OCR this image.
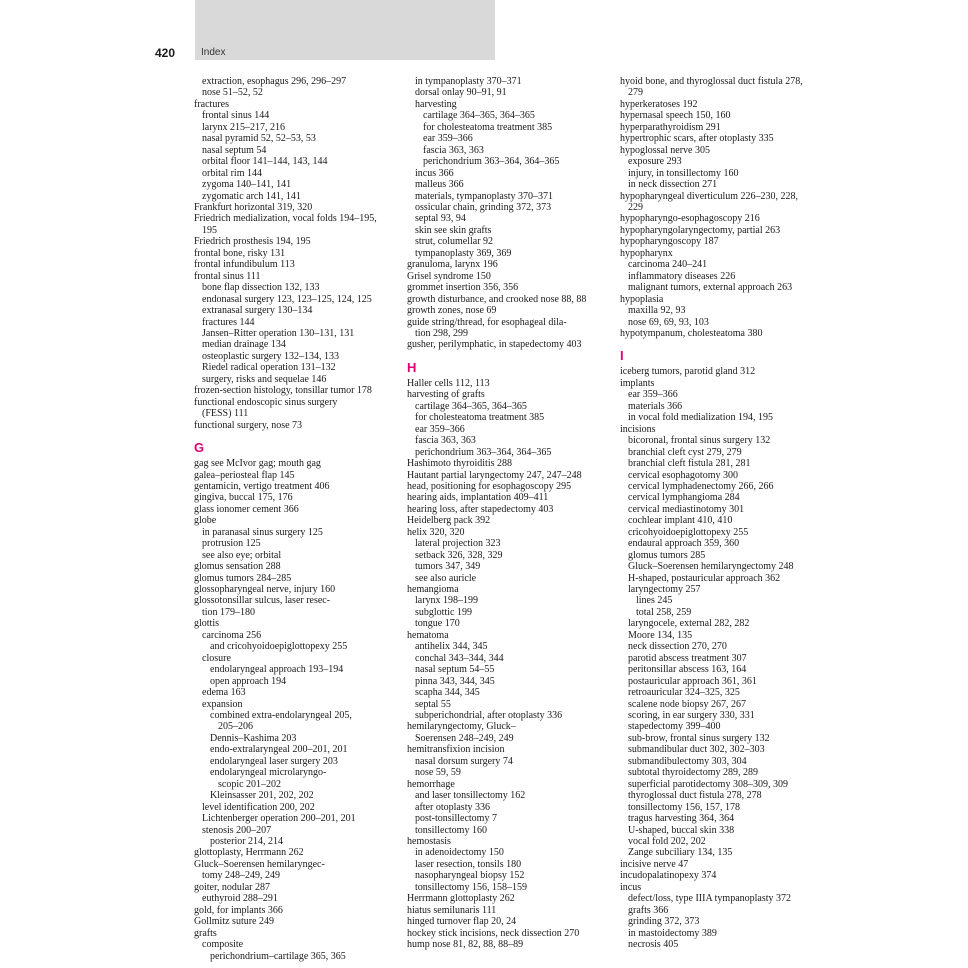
420	Index
extraction, esophagus 296, 296–297
nose 51–52, 52
fractures
frontal sinus 144
larynx 215–217, 216
nasal pyramid 52, 52–53, 53
nasal septum 54
orbital floor 141–144, 143, 144
orbital rim 144
zygoma 140–141, 141
zygomatic arch 141, 141
Frankfurt horizontal 319, 320
Friedrich medialization, vocal folds 194–195,
195
Friedrich prosthesis 194, 195
frontal bone, risky 131
frontal infundibulum 113
frontal sinus 111
bone flap dissection 132, 133
endonasal surgery 123, 123–125, 124, 125
extranasal surgery 130–134
fractures 144
Jansen–Ritter operation 130–131, 131
median drainage 134
osteoplastic surgery 132–134, 133
Riedel radical operation 131–132
surgery, risks and sequelae 146
frozen-section histology, tonsillar tumor 178
functional endoscopic sinus surgery
(FESS) 111
functional surgery, nose 73
G
gag see McIvor gag; mouth gag
galea–periosteal flap 145
gentamicin, vertigo treatment 406
gingiva, buccal 175, 176
glass ionomer cement 366
globe
in paranasal sinus surgery 125
protrusion 125
see also eye; orbital
glomus sensation 288
glomus tumors 284–285
glossopharyngeal nerve, injury 160
glossotonsillar sulcus, laser resec-
tion 179–180
glottis
carcinoma 256
and cricohyoidoepiglottopexy 255
closure
endolaryngeal approach 193–194
open approach 194
edema 163
expansion
combined extra-endolaryngeal 205,
205–206
Dennis–Kashima 203
endo-extralaryngeal 200–201, 201
endolaryngeal laser surgery 203
endolaryngeal microlaryngo-
scopic 201–202
Kleinsasser 201, 202, 202
level identification 200, 202
Lichtenberger operation 200–201, 201
stenosis 200–207
posterior 214, 214
glottoplasty, Herrmann 262
Gluck–Soerensen hemilaryngec-
tomy 248–249, 249
goiter, nodular 287
euthyroid 288–291
gold, for implants 366
Gollmitz suture 249
grafts
composite
perichondrium–cartilage 365, 365
in tympanoplasty 370–371
dorsal onlay 90–91, 91
harvesting
cartilage 364–365, 364–365
for cholesteatoma treatment 385
ear 359–366
fascia 363, 363
perichondrium 363–364, 364–365
incus 366
malleus 366
materials, tympanoplasty 370–371
ossicular chain, grinding 372, 373
septal 93, 94
skin see skin grafts
strut, columellar 92
tympanoplasty 369, 369
granuloma, larynx 196
Grisel syndrome 150
grommet insertion 356, 356
growth disturbance, and crooked nose 88, 88
growth zones, nose 69
guide string/thread, for esophageal dila-
tion 298, 299
gusher, perilymphatic, in stapedectomy 403
H
Haller cells 112, 113
harvesting of grafts
cartilage 364–365, 364–365
for cholesteatoma treatment 385
ear 359–366
fascia 363, 363
perichondrium 363–364, 364–365
Hashimoto thyroiditis 288
Hautant partial laryngectomy 247, 247–248
head, positioning for esophagoscopy 295
hearing aids, implantation 409–411
hearing loss, after stapedectomy 403
Heidelberg pack 392
helix 320, 320
lateral projection 323
setback 326, 328, 329
tumors 347, 349
see also auricle
hemangioma
larynx 198–199
subglottic 199
tongue 170
hematoma
antihelix 344, 345
conchal 343–344, 344
nasal septum 54–55
pinna 343, 344, 345
scapha 344, 345
septal 55
subperichondrial, after otoplasty 336
hemilaryngectomy, Gluck–
Soerensen 248–249, 249
hemitransfixion incision
nasal dorsum surgery 74
nose 59, 59
hemorrhage
and laser tonsillectomy 162
after otoplasty 336
post-tonsillectomy 7
tonsillectomy 160
hemostasis
in adenoidectomy 150
laser resection, tonsils 180
nasopharyngeal biopsy 152
tonsillectomy 156, 158–159
Herrmann glottoplasty 262
hiatus semilunaris 111
hinged turnover flap 20, 24
hockey stick incisions, neck dissection 270
hump nose 81, 82, 88, 88–89
hyoid bone, and thyroglossal duct fistula 278,
279
hyperkeratoses 192
hypernasal speech 150, 160
hyperparathyroidism 291
hypertrophic scars, after otoplasty 335
hypoglossal nerve 305
exposure 293
injury, in tonsillectomy 160
in neck dissection 271
hypopharyngeal diverticulum 226–230, 228,
229
hypopharyngo-esophagoscopy 216
hypopharyngolaryngectomy, partial 263
hypopharyngoscopy 187
hypopharynx
carcinoma 240–241
inflammatory diseases 226
malignant tumors, external approach 263
hypoplasia
maxilla 92, 93
nose 69, 69, 93, 103
hypotympanum, cholesteatoma 380
I
iceberg tumors, parotid gland 312
implants
ear 359–366
materials 366
in vocal fold medialization 194, 195
incisions
bicoronal, frontal sinus surgery 132
branchial cleft cyst 279, 279
branchial cleft fistula 281, 281
cervical esophagotomy 300
cervical lymphadenectomy 266, 266
cervical lymphangioma 284
cervical mediastinotomy 301
cochlear implant 410, 410
cricohyoidoepiglottopexy 255
endaural approach 359, 360
glomus tumors 285
Gluck–Soerensen hemilaryngectomy 248
H-shaped, postauricular approach 362
laryngectomy 257
lines 245
total 258, 259
laryngocele, external 282, 282
Moore 134, 135
neck dissection 270, 270
parotid abscess treatment 307
peritonsillar abscess 163, 164
postauricular approach 361, 361
retroauricular 324–325, 325
scalene node biopsy 267, 267
scoring, in ear surgery 330, 331
stapedectomy 399–400
sub-brow, frontal sinus surgery 132
submandibular duct 302, 302–303
submandibulectomy 303, 304
subtotal thyroidectomy 289, 289
superficial parotidectomy 308–309, 309
thyroglossal duct fistula 278, 278
tonsillectomy 156, 157, 178
tragus harvesting 364, 364
U-shaped, buccal skin 338
vocal fold 202, 202
Zange subciliary 134, 135
incisive nerve 47
incudopalatinopexy 374
incus
defect/loss, type IIIA tympanoplasty 372
grafts 366
grinding 372, 373
in mastoidectomy 389
necrosis 405
